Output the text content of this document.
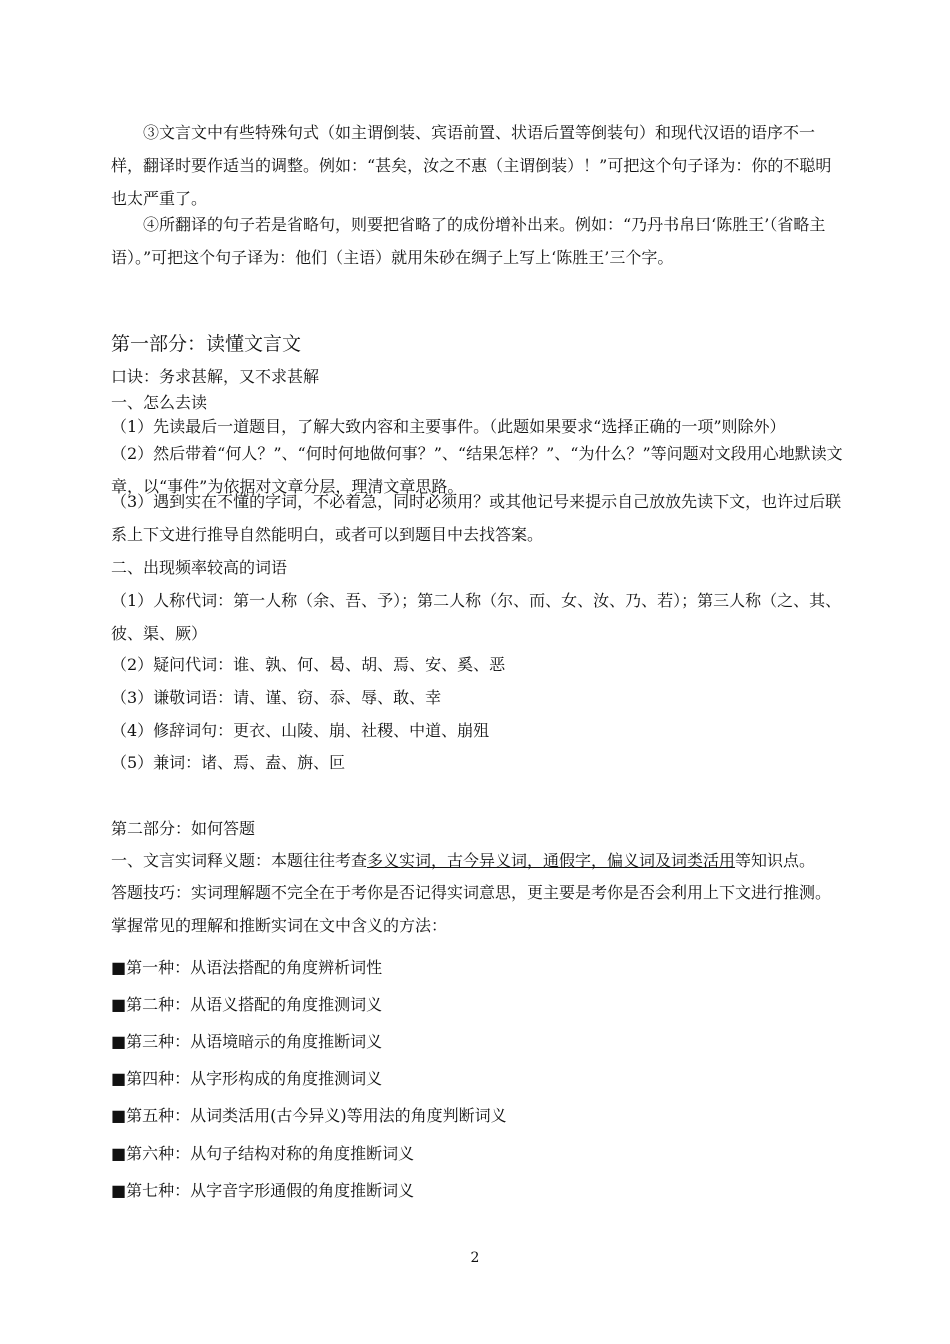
③文言文中有些特殊句式（如主谓倒装、宾语前置、状语后置等倒装句）和现代汉语的语序不一样，翻译时要作适当的调整。例如：“甚矣，汝之不惠（主谓倒装）！”可把这个句子译为：你的不聪明也太严重了。
④所翻译的句子若是省略句，则要把省略了的成份增补出来。例如：“乃丹书帛曰‘陈胜王’（省略主语）。”可把这个句子译为：他们（主语）就用朱砂在绸子上写上‘陈胜王’三个字。
第一部分：读懂文言文
口诀：务求甚解，又不求甚解
一、怎么去读
（1）先读最后一道题目，了解大致内容和主要事件。（此题如果要求“选择正确的一项”则除外）
（2）然后带着“何人？”、“何时何地做何事？”、“结果怎样？”、“为什么？”等问题对文段用心地默读文章，以“事件”为依据对文章分层，理清文章思路。
（3）遇到实在不懂的字词，不必着急，同时必须用？或其他记号来提示自己放放先读下文，也许过后联系上下文进行推导自然能明白，或者可以到题目中去找答案。
二、出现频率较高的词语
（1）人称代词：第一人称（余、吾、予）；第二人称（尔、而、女、汝、乃、若）；第三人称（之、其、彼、渠、厥）
（2）疑问代词：谁、孰、何、曷、胡、焉、安、奚、恶
（3）谦敬词语：请、谨、窃、忝、辱、敢、幸
（4）修辞词句：更衣、山陵、崩、社稷、中道、崩殂
（5）兼词：诸、焉、盍、旃、叵
第二部分：如何答题
一、文言实词释义题：本题往往考查多义实词，古今异义词，通假字，偏义词及词类活用等知识点。
答题技巧：实词理解题不完全在于考你是否记得实词意思，更主要是考你是否会利用上下文进行推测。掌握常见的理解和推断实词在文中含义的方法：
■第一种：从语法搭配的角度辨析词性
■第二种：从语义搭配的角度推测词义
■第三种：从语境暗示的角度推断词义
■第四种：从字形构成的角度推测词义
■第五种：从词类活用(古今异义)等用法的角度判断词义
■第六种：从句子结构对称的角度推断词义
■第七种：从字音字形通假的角度推断词义
2
